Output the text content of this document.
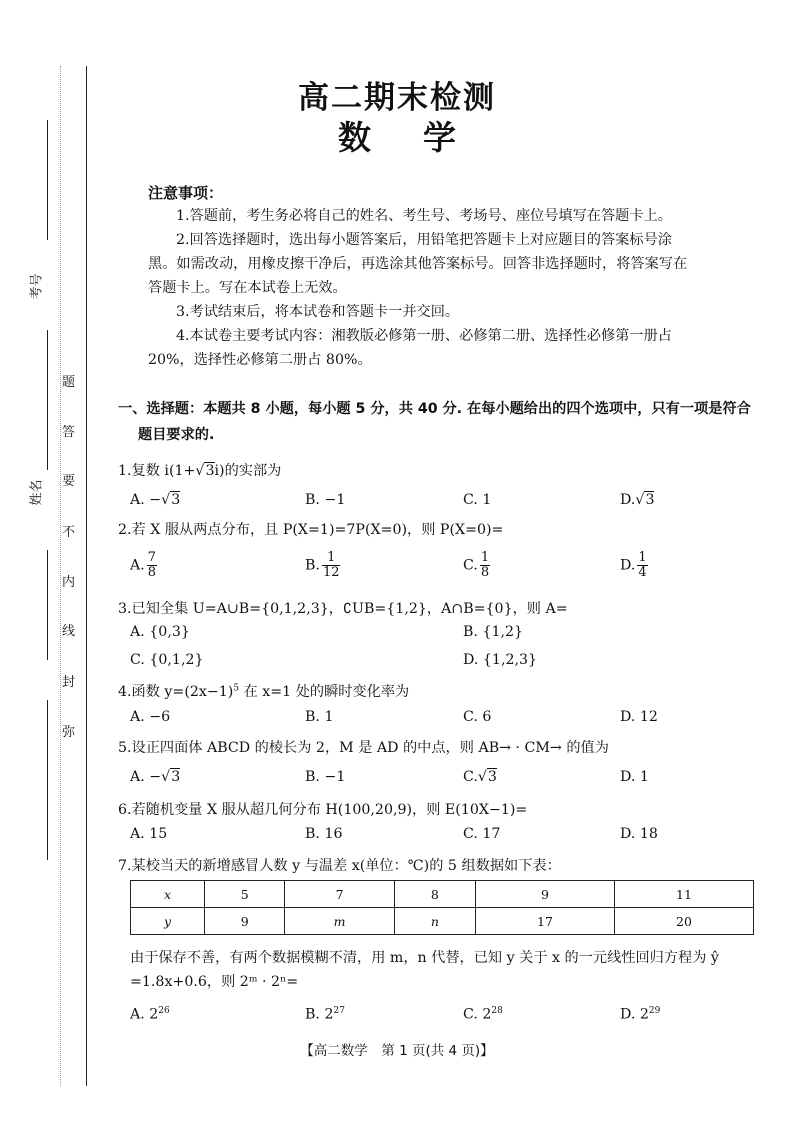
考号
姓名
题
答
要
不
内
线
封
弥
高二期末检测
数学
注意事项：

1.答题前，考生务必将自己的姓名、考生号、考场号、座位号填写在答题卡上。

2.回答选择题时，选出每小题答案后，用铅笔把答题卡上对应题目的答案标号涂

黑。如需改动，用橡皮擦干净后，再选涂其他答案标号。回答非选择题时，将答案写在

答题卡上。写在本试卷上无效。

3.考试结束后，将本试卷和答题卡一并交回。

4.本试卷主要考试内容：湘教版必修第一册、必修第二册、选择性必修第一册占

20%，选择性必修第二册占 80%。

一、选择题：本题共 8 小题，每小题 5 分，共 40 分. 在每小题给出的四个选项中，只有一项是符合
题目要求的.
1.复数 i(1+√3i)的实部为
A. −√3	B. −1	C. 1	D.√3
2.若 X 服从两点分布，且 P(X=1)=7P(X=0)，则 P(X=0)=
A. $\frac{7}{8}$	B. $\frac{1}{12}$	C. $\frac{1}{8}$	D. $\frac{1}{4}$
3.已知全集 U=A∪B={0,1,2,3}，∁UB={1,2}，A∩B={0}，则 A=
A. {0,3}	B. {1,2}
C. {0,1,2}	D. {1,2,3}
4.函数 $y=(2x-1)^5$ 在 x=1 处的瞬时变化率为
A. −6	B. 1	C. 6	D. 12
5.设正四面体 ABCD 的棱长为 2，M 是 AD 的中点，则 AB→ · CM→ 的值为
A. −√3	B. −1	C.√3	D. 1
6.若随机变量 X 服从超几何分布 H(100,20,9)，则 E(10X−1)=
A. 15	B. 16	C. 17	D. 18
7.某校当天的新增感冒人数 y 与温差 x(单位：℃)的 5 组数据如下表：
x	5	7	8	9	11
y	9	m	n	17	20
由于保存不善，有两个数据模糊不清，用 m，n 代替，已知 y 关于 x 的一元线性回归方程为 ŷ
=1.8x+0.6，则 2ᵐ · 2ⁿ=
A. $2^{26}$	B. $2^{27}$	C. $2^{28}$	D. $2^{29}$
【高二数学　第 1 页(共 4 页)】
